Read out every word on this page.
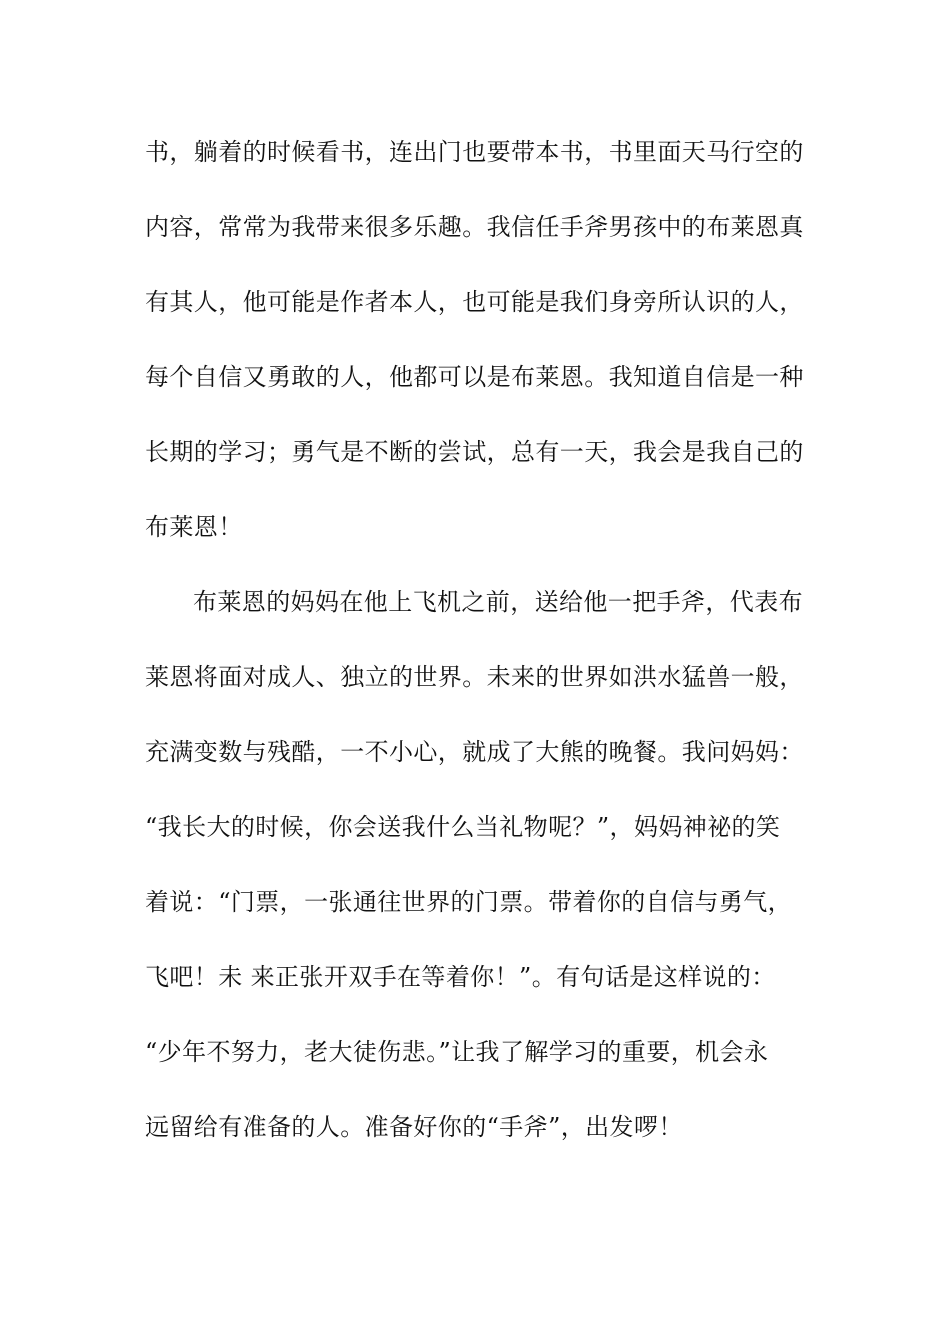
书，躺着的时候看书，连出门也要带本书，书里面天马行空的
内容，常常为我带来很多乐趣。我信任手斧男孩中的布莱恩真
有其人，他可能是作者本人，也可能是我们身旁所认识的人，
每个自信又勇敢的人，他都可以是布莱恩。我知道自信是一种
长期的学习；勇气是不断的尝试，总有一天，我会是我自己的
布莱恩！
布莱恩的妈妈在他上飞机之前，送给他一把手斧，代表布
莱恩将面对成人、独立的世界。未来的世界如洪水猛兽一般，
充满变数与残酷，一不小心，就成了大熊的晚餐。我问妈妈：
“我长大的时候，你会送我什么当礼物呢？”，妈妈神祕的笑
着说：“门票，一张通往世界的门票。带着你的自信与勇气，
飞吧！未 来正张开双手在等着你！”。有句话是这样说的：
“少年不努力，老大徒伤悲。”让我了解学习的重要，机会永
远留给有准备的人。准备好你的“手斧”，出发啰！
